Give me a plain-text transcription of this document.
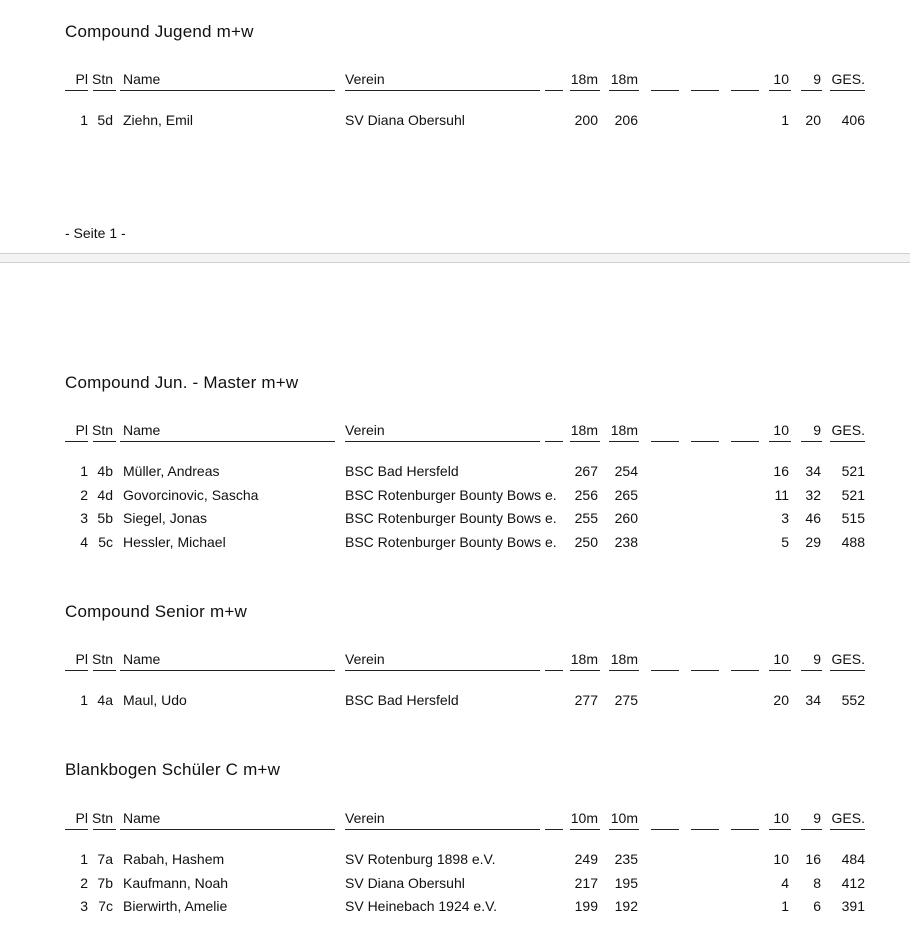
Compound Jugend m+w
Pl Stn Name	Verein	18m 18m	10 9 GES.
1 5d Ziehn, Emil	SV Diana Obersuhl	200 206	1 20 406
Compound Jun. - Master m+w
Pl Stn Name	Verein	18m 18m	10 9 GES.
1 4b Müller, Andreas	BSC Bad Hersfeld	267 254	16 34 521
2 4d Govorcinovic, Sascha	BSC Rotenburger Bounty Bows e. 256 265	11 32 521
3 5b Siegel, Jonas	BSC Rotenburger Bounty Bows e. 255 260	3 46 515
4 5c Hessler, Michael	BSC Rotenburger Bounty Bows e. 250 238	5 29 488
Compound Senior m+w
Pl Stn Name	Verein	18m 18m	10 9 GES.
1 4a Maul, Udo	BSC Bad Hersfeld	277 275	20 34 552
Blankbogen Schüler C m+w
Pl Stn Name	Verein	10m 10m	10 9 GES.
1 7a Rabah, Hashem	SV Rotenburg 1898 e.V.	249 235	10 16 484
2 7b Kaufmann, Noah	SV Diana Obersuhl	217 195	4 8 412
3 7c Bierwirth, Amelie	SV Heinebach 1924 e.V.	199 192	1 6 391
- Seite 1 -
